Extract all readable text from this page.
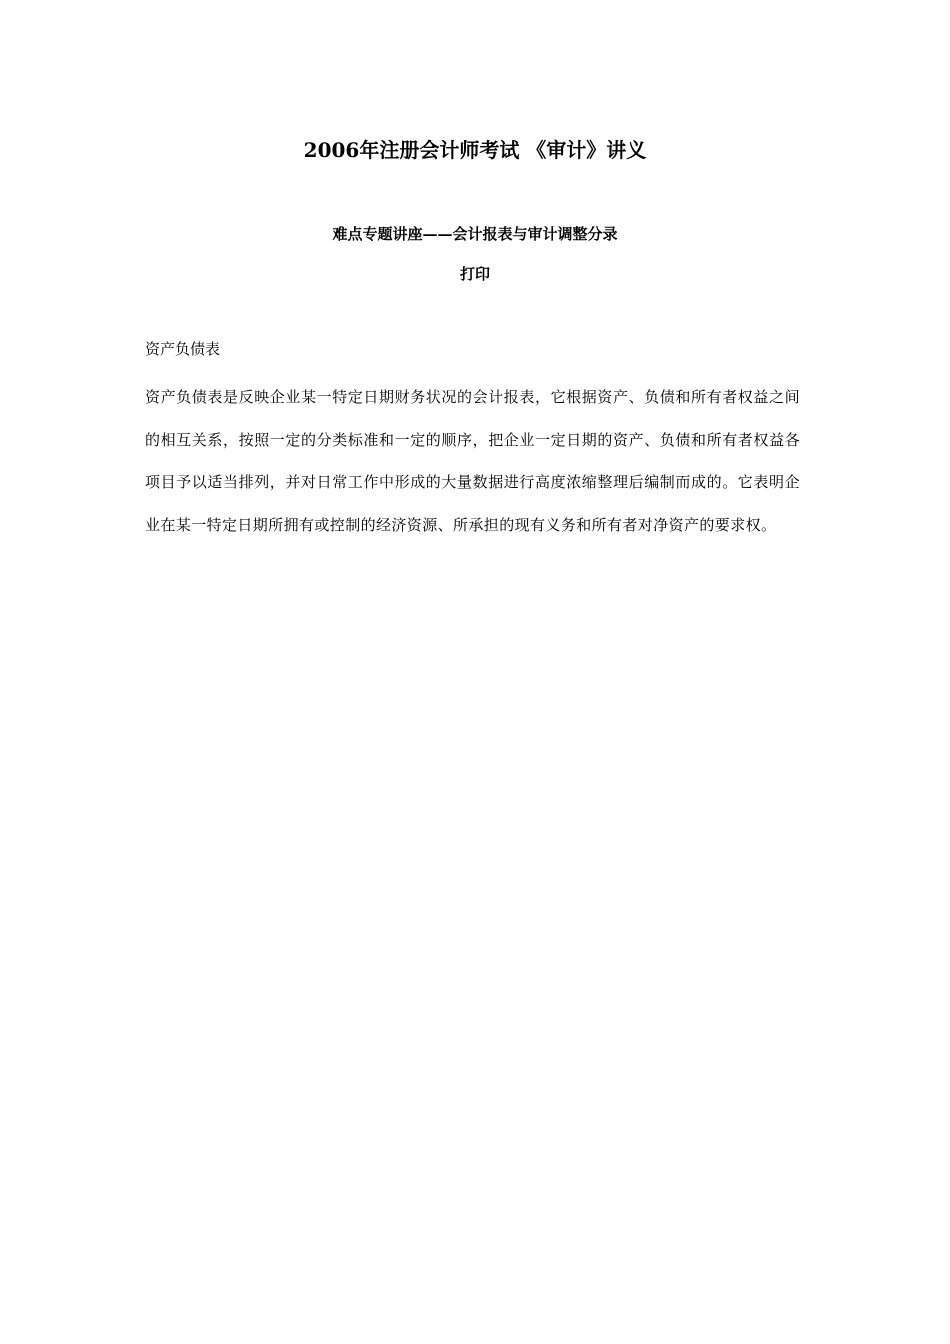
2006年注册会计师考试 《审计》讲义
难点专题讲座——会计报表与审计调整分录

打印

资产负债表

资产负债表是反映企业某一特定日期财务状况的会计报表，它根据资产、负债和所有者权益之间的相互关系，按照一定的分类标准和一定的顺序，把企业一定日期的资产、负债和所有者权益各项目予以适当排列，并对日常工作中形成的大量数据进行高度浓缩整理后编制而成的。它表明企业在某一特定日期所拥有或控制的经济资源、所承担的现有义务和所有者对净资产的要求权。
